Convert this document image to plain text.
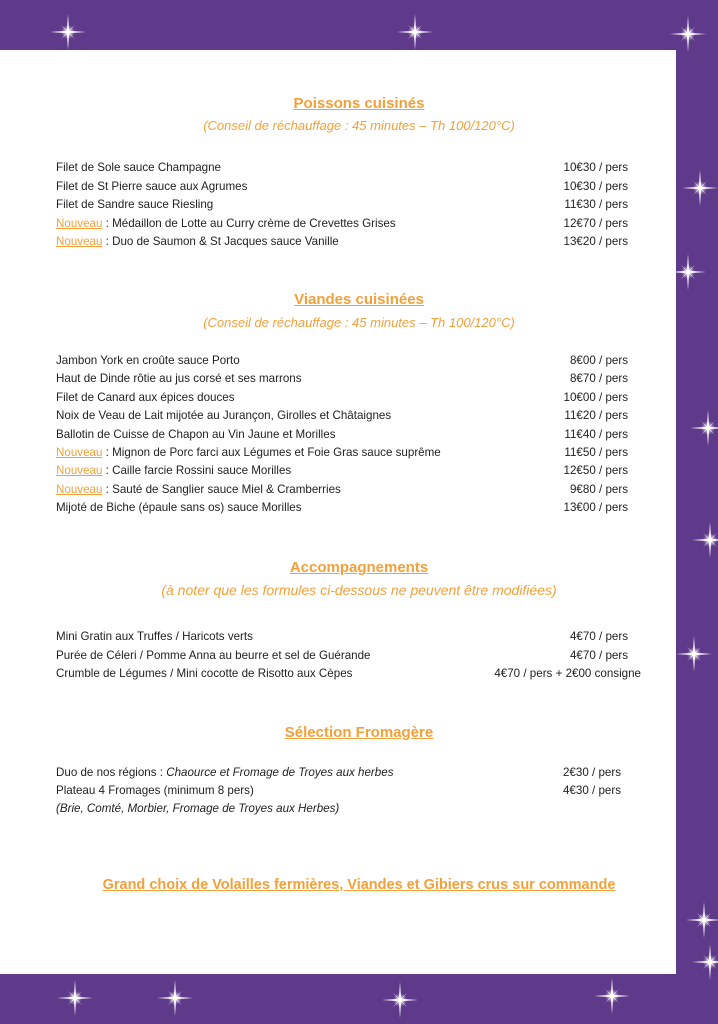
Poissons cuisinés
(Conseil de réchauffage : 45 minutes – Th 100/120°C)
Filet de Sole sauce Champagne	10€30 / pers
Filet de St Pierre sauce aux Agrumes	10€30 / pers
Filet de Sandre sauce Riesling	11€30 / pers
Nouveau : Médaillon de Lotte au Curry crème de Crevettes Grises	12€70 / pers
Nouveau : Duo de Saumon & St Jacques sauce Vanille	13€20 / pers
Viandes cuisinées
(Conseil de réchauffage : 45 minutes – Th 100/120°C)
Jambon York en croûte sauce Porto	8€00 / pers
Haut de Dinde rôtie au jus corsé et ses marrons	8€70 / pers
Filet de Canard aux épices douces	10€00 / pers
Noix de Veau de Lait mijotée au Jurançon, Girolles et Châtaignes	11€20 / pers
Ballotin de Cuisse de Chapon au Vin Jaune et Morilles	11€40 / pers
Nouveau : Mignon de Porc farci aux Légumes et Foie Gras sauce suprême	11€50 / pers
Nouveau : Caille farcie Rossini sauce Morilles	12€50 / pers
Nouveau : Sauté de Sanglier sauce Miel & Cramberries	9€80 / pers
Mijoté de Biche (épaule sans os) sauce Morilles	13€00 / pers
Accompagnements
(à noter que les formules ci-dessous ne peuvent être modifiées)
Mini Gratin aux Truffes / Haricots verts	4€70 / pers
Purée de Céleri / Pomme Anna au beurre et sel de Guérande	4€70 / pers
Crumble de Légumes / Mini cocotte de Risotto aux Cèpes	4€70 / pers + 2€00 consigne
Sélection Fromagère
Duo de nos régions : Chaource et Fromage de Troyes aux herbes	2€30 / pers
Plateau 4 Fromages (minimum 8 pers)	4€30 / pers
(Brie, Comté, Morbier, Fromage de Troyes aux Herbes)
Grand choix de Volailles fermières, Viandes et Gibiers crus sur commande
